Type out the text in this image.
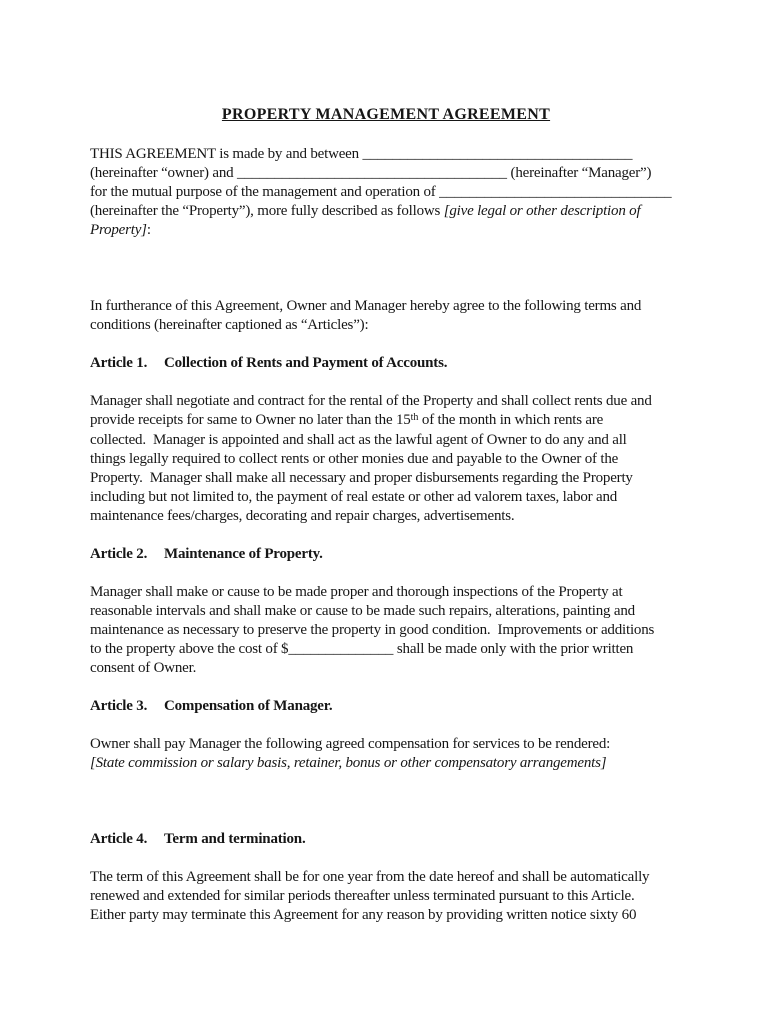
PROPERTY MANAGEMENT AGREEMENT

THIS AGREEMENT is made by and between ____________________________________
(hereinafter “owner) and ____________________________________ (hereinafter “Manager”)
for the mutual purpose of the management and operation of _______________________________
(hereinafter the “Property”), more fully described as follows [give legal or other description of
Property]:

In furtherance of this Agreement, Owner and Manager hereby agree to the following terms and
conditions (hereinafter captioned as “Articles”):

Article 1. Collection of Rents and Payment of Accounts.

Manager shall negotiate and contract for the rental of the Property and shall collect rents due and
provide receipts for same to Owner no later than the 15th of the month in which rents are
collected.  Manager is appointed and shall act as the lawful agent of Owner to do any and all
things legally required to collect rents or other monies due and payable to the Owner of the
Property.  Manager shall make all necessary and proper disbursements regarding the Property
including but not limited to, the payment of real estate or other ad valorem taxes, labor and
maintenance fees/charges, decorating and repair charges, advertisements.

Article 2. Maintenance of Property.

Manager shall make or cause to be made proper and thorough inspections of the Property at
reasonable intervals and shall make or cause to be made such repairs, alterations, painting and
maintenance as necessary to preserve the property in good condition.  Improvements or additions
to the property above the cost of $______________ shall be made only with the prior written
consent of Owner.

Article 3. Compensation of Manager.

Owner shall pay Manager the following agreed compensation for services to be rendered:
[State commission or salary basis, retainer, bonus or other compensatory arrangements]

Article 4. Term and termination.

The term of this Agreement shall be for one year from the date hereof and shall be automatically
renewed and extended for similar periods thereafter unless terminated pursuant to this Article.
Either party may terminate this Agreement for any reason by providing written notice sixty 60
